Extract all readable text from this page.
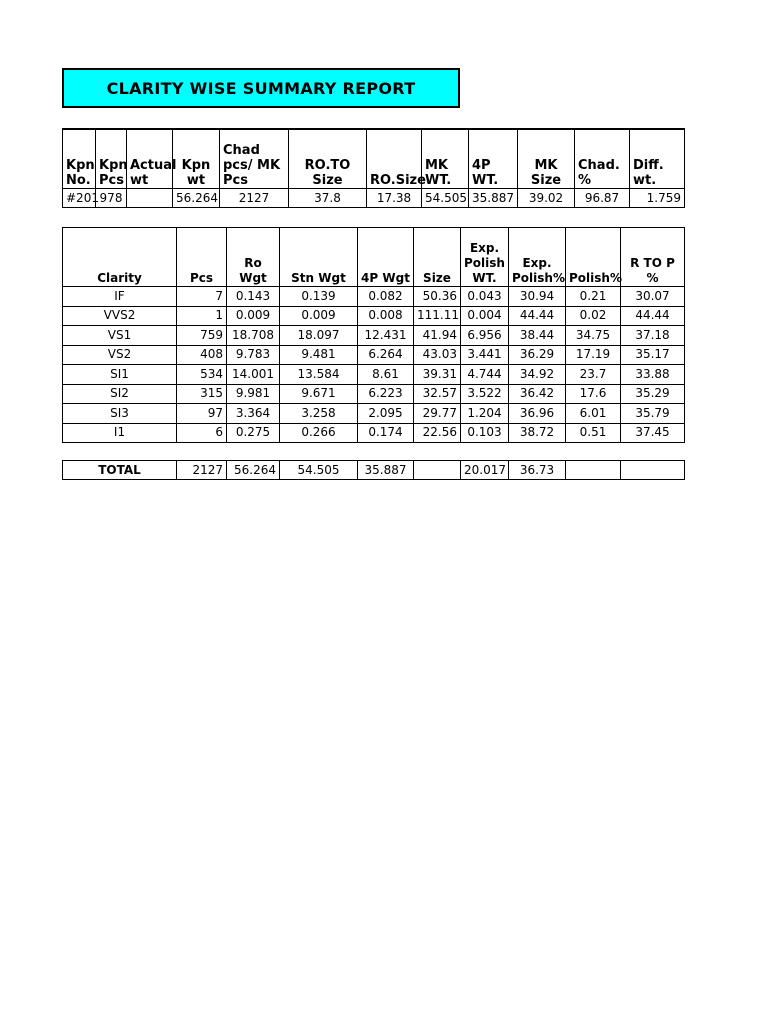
CLARITY WISE SUMMARY REPORT
Kpn No.	Kpn Pcs	Actual wt	Kpn wt	Chad pcs/ MK Pcs	RO.TO Size	RO.Size	MK WT.	4P WT.	MK Size	Chad. %	Diff. wt.
#201	978		56.264	2127	37.8	17.38	54.505	35.887	39.02	96.87	1.759
Clarity	Pcs	Ro Wgt	Stn Wgt	4P Wgt	Size	Exp. Polish WT.	Exp. Polish%	Polish%	R TO P %
IF	7	0.143	0.139	0.082	50.36	0.043	30.94	0.21	30.07
VVS2	1	0.009	0.009	0.008	111.11	0.004	44.44	0.02	44.44
VS1	759	18.708	18.097	12.431	41.94	6.956	38.44	34.75	37.18
VS2	408	9.783	9.481	6.264	43.03	3.441	36.29	17.19	35.17
SI1	534	14.001	13.584	8.61	39.31	4.744	34.92	23.7	33.88
SI2	315	9.981	9.671	6.223	32.57	3.522	36.42	17.6	35.29
SI3	97	3.364	3.258	2.095	29.77	1.204	36.96	6.01	35.79
I1	6	0.275	0.266	0.174	22.56	0.103	38.72	0.51	37.45
TOTAL	2127	56.264	54.505	35.887		20.017	36.73		
